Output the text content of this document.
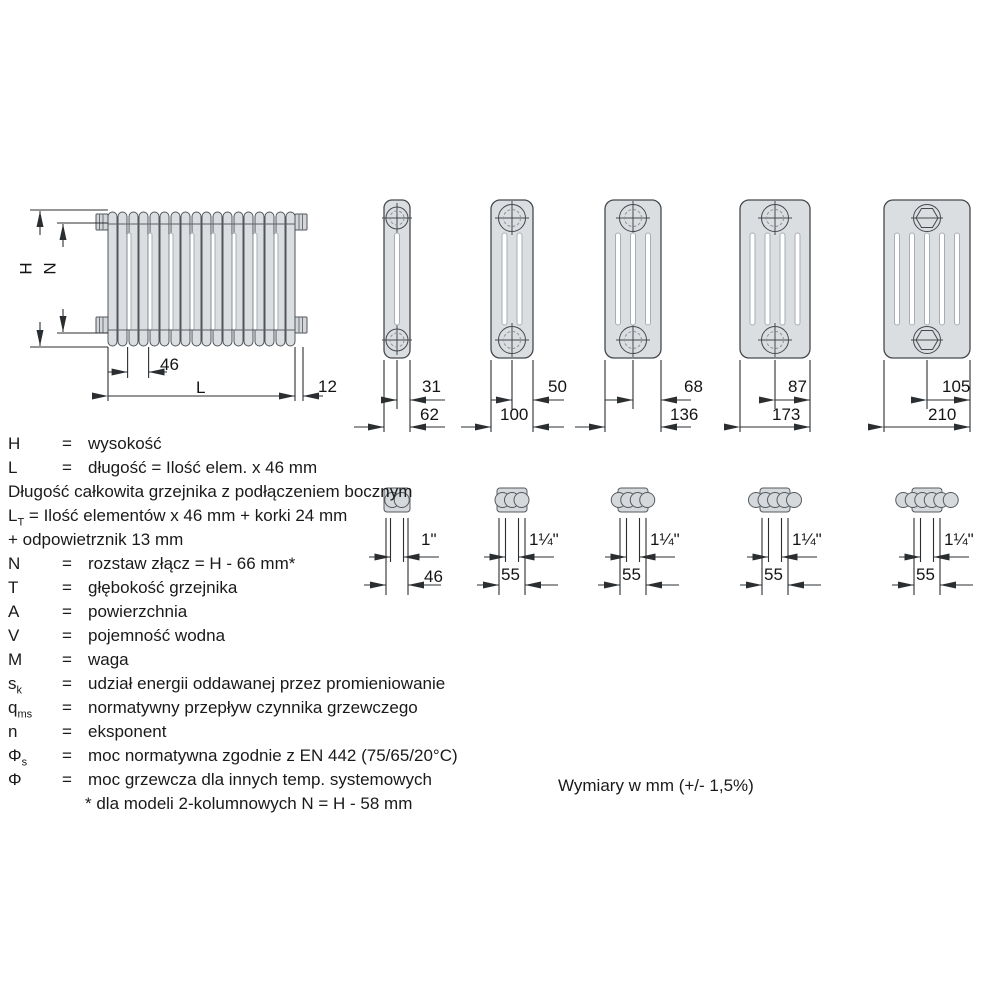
H N
46
L	12	31
62
50
100
68
136
87
173
105
210
1"
46
1¼"
55
1¼"
55
1¼"
55
1¼"
55
H	= wysokość
L	= długość = Ilość elem. x 46 mm
Długość całkowita grzejnika z podłączeniem bocznym
$L_T$ = Ilość elementów x 46 mm + korki 24 mm
+ odpowietrznik 13 mm
N	= rozstaw złącz = H - 66 mm*
T	= głębokość grzejnika
A	= powierzchnia
V	= pojemność wodna
M	= waga
$s_k$	= udział energii oddawanej przez promieniowanie
$q_{ms}$	= normatywny przepływ czynnika grzewczego
n	= eksponent
$\Phi_s$	= moc normatywna zgodnie z EN 442 (75/65/20°C)
Φ	= moc grzewcza dla innych temp. systemowych
* dla modeli 2-kolumnowych N = H - 58 mm
Wymiary w mm (+/- 1,5%)
